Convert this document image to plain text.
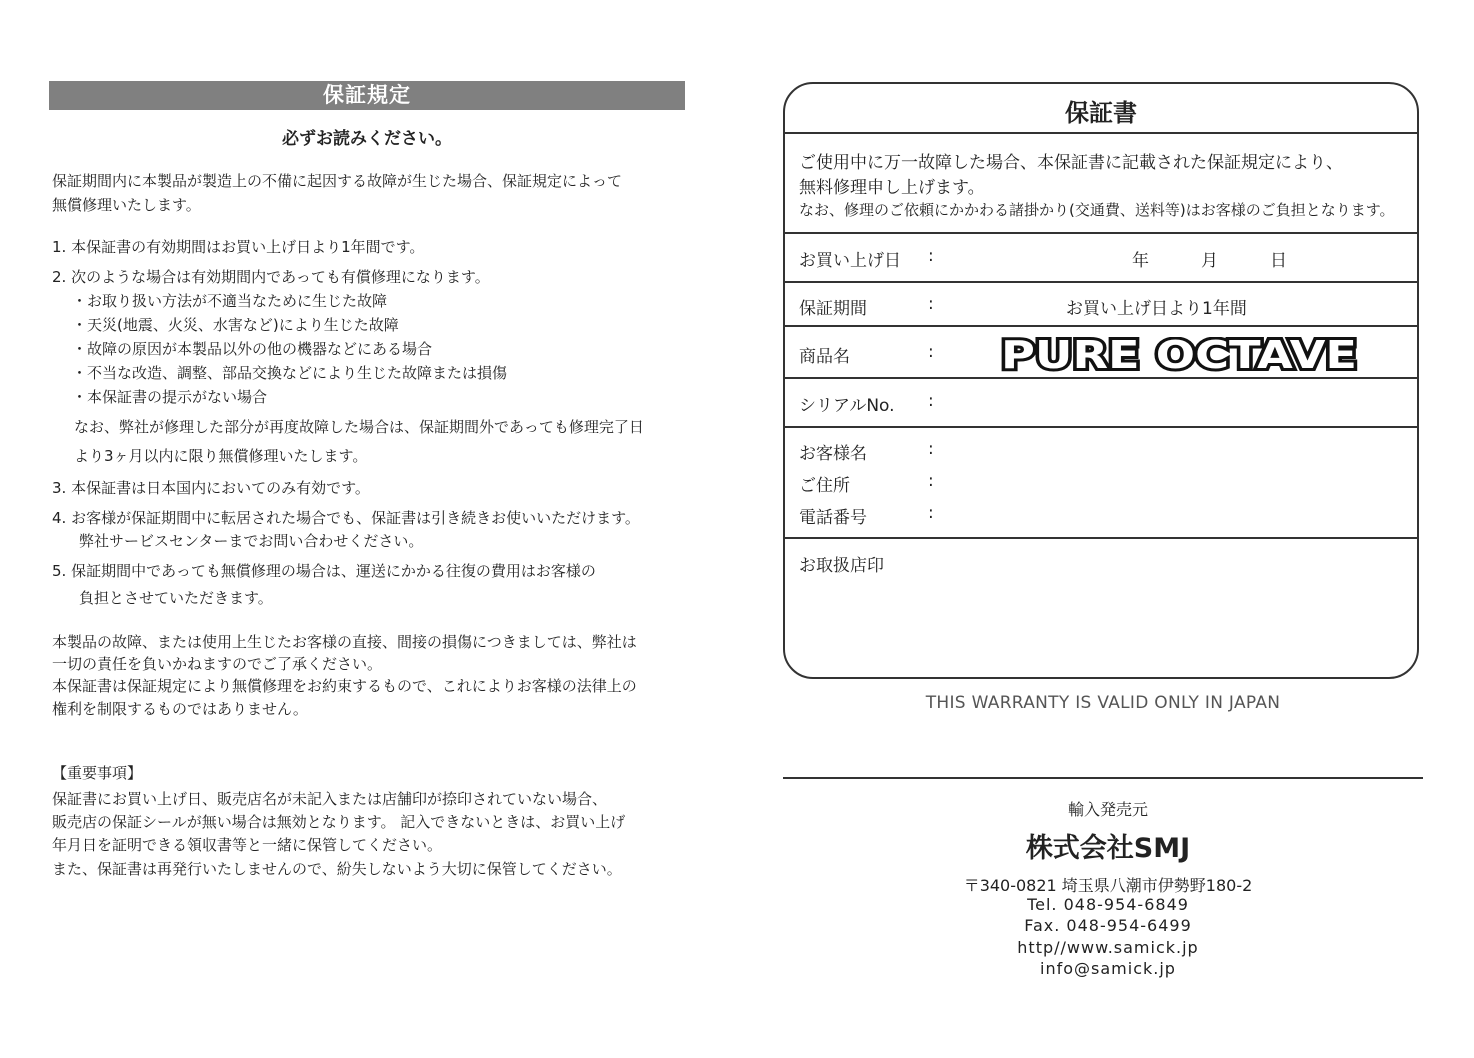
保証規定
必ずお読みください。
保証期間内に本製品が製造上の不備に起因する故障が生じた場合、保証規定によって
無償修理いたします。
1. 本保証書の有効期間はお買い上げ日より1年間です。
2. 次のような場合は有効期間内であっても有償修理になります。
・お取り扱い方法が不適当なために生じた故障
・天災(地震、火災、水害など)により生じた故障
・故障の原因が本製品以外の他の機器などにある場合
・不当な改造、調整、部品交換などにより生じた故障または損傷
・本保証書の提示がない場合
なお、弊社が修理した部分が再度故障した場合は、保証期間外であっても修理完了日
より3ヶ月以内に限り無償修理いたします。
3. 本保証書は日本国内においてのみ有効です。
4. お客様が保証期間中に転居された場合でも、保証書は引き続きお使いいただけます。
弊社サービスセンターまでお問い合わせください。
5. 保証期間中であっても無償修理の場合は、運送にかかる往復の費用はお客様の
負担とさせていただきます。
本製品の故障、または使用上生じたお客様の直接、間接の損傷につきましては、弊社は
一切の責任を負いかねますのでご了承ください。
本保証書は保証規定により無償修理をお約束するもので、これによりお客様の法律上の
権利を制限するものではありません。
【重要事項】
保証書にお買い上げ日、販売店名が未記入または店舗印が捺印されていない場合、
販売店の保証シールが無い場合は無効となります。 記入できないときは、お買い上げ
年月日を証明できる領収書等と一緒に保管してください。
また、保証書は再発行いたしませんので、紛失しないよう大切に保管してください。
保証書
ご使用中に万一故障した場合、本保証書に記載された保証規定により、
無料修理申し上げます。
なお、修理のご依頼にかかわる諸掛かり(交通費、送料等)はお客様のご負担となります。
お買い上げ日 :	年	月	日
保証期間	:	お買い上げ日より1年間
商品名	: PURE OCTAVE
シリアルNo. :
お客様名	:
ご住所	:
電話番号	:
お取扱店印
THIS WARRANTY IS VALID ONLY IN JAPAN
輸入発売元
株式会社SMJ
〒340-0821 埼玉県八潮市伊勢野180-2
Tel. 048-954-6849
Fax. 048-954-6499
http//www.samick.jp
info@samick.jp
